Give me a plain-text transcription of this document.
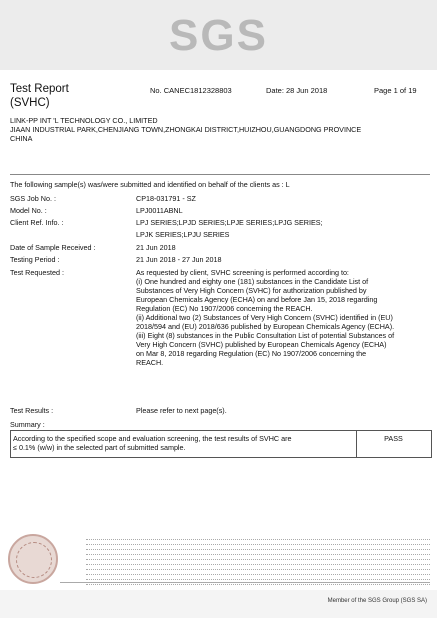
SGS
Test Report
(SVHC)
No. CANEC1812328803	Date: 28 Jun 2018	Page 1 of 19
LINK-PP INT 'L TECHNOLOGY CO., LIMITED
JIAAN INDUSTRIAL PARK,CHENJIANG TOWN,ZHONGKAI DISTRICT,HUIZHOU,GUANGDONG PROVINCE
CHINA
The following sample(s) was/were submitted and identified on behalf of the clients as : L
SGS Job No. :	CP18-031791 - SZ
Model No. :	LPJ0011ABNL
Client Ref. Info. :	LPJ SERIES;LPJD SERIES;LPJE SERIES;LPJG SERIES;
LPJK SERIES;LPJU SERIES
Date of Sample Received :	21 Jun 2018
Testing Period :	21 Jun 2018 - 27 Jun 2018
Test Requested :	As requested by client, SVHC screening is performed according to:
(i) One hundred and eighty one (181) substances in the Candidate List of
Substances of Very High Concern (SVHC) for authorization published by
European Chemicals Agency (ECHA) on and before Jan 15, 2018 regarding
Regulation (EC) No 1907/2006 concerning the REACH.
(ii) Additional two (2) Substances of Very High Concern (SVHC) identified in (EU)
2018/594 and (EU) 2018/636 published by European Chemicals Agency (ECHA).
(iii) Eight (8) substances in the Public Consultation List of potential Substances of
Very High Concern (SVHC) published by European Chemicals Agency (ECHA)
on Mar 8, 2018 regarding Regulation (EC) No 1907/2006 concerning the
REACH.
Test Results :	Please refer to next page(s).
Summary :
According to the specified scope and evaluation screening, the test results of SVHC are
≤ 0.1% (w/w) in the selected part of submitted sample.
PASS
Member of the SGS Group (SGS SA)
